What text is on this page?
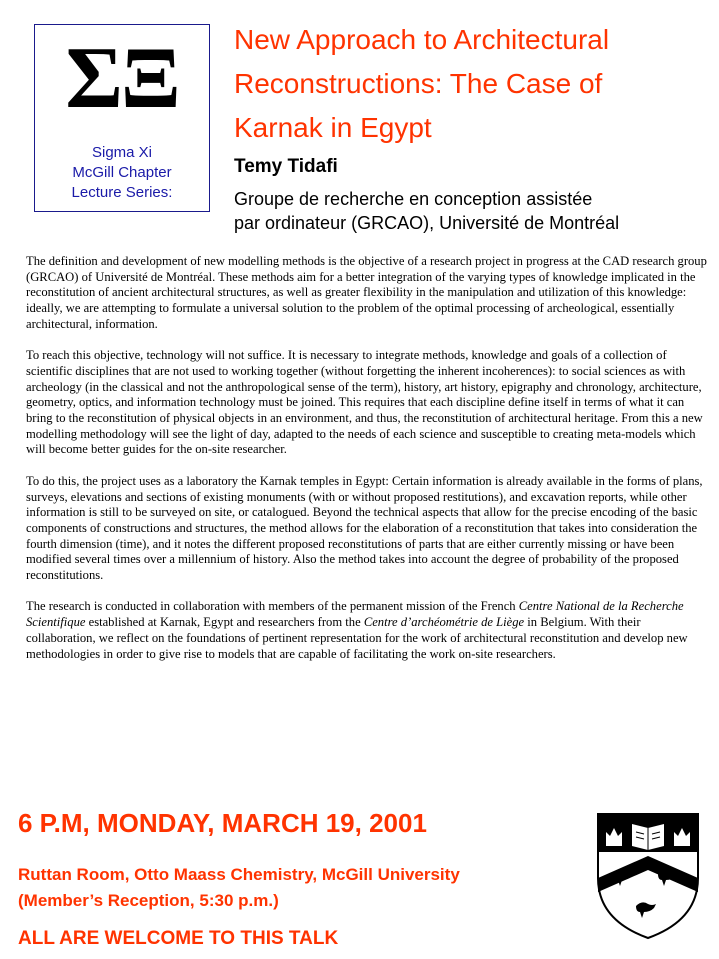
ΣΞ
Sigma Xi
McGill Chapter
Lecture Series:
New Approach to Architectural
Reconstructions: The Case of
Karnak in Egypt
Temy Tidafi
Groupe de recherche en conception assistée
par ordinateur (GRCAO), Université de Montréal

The definition and development of new modelling methods is the objective of a research project in progress at the CAD research group (GRCAO) of Université de Montréal. These methods aim for a better integration of the varying types of knowledge implicated in the reconstitution of ancient architectural structures, as well as greater flexibility in the manipulation and utilization of this knowledge: ideally, we are attempting to formulate a universal solution to the problem of the optimal processing of archeological, essentially architectural, information.

To reach this objective, technology will not suffice. It is necessary to integrate methods, knowledge and goals of a collection of scientific disciplines that are not used to working together (without forgetting the inherent incoherences): to social sciences as with archeology (in the classical and not the anthropological sense of the term), history, art history, epigraphy and chronology, architecture, geometry, optics, and information technology must be joined. This requires that each discipline define itself in terms of what it can bring to the reconstitution of physical objects in an environment, and thus, the reconstitution of architectural heritage. From this a new modelling methodology will see the light of day, adapted to the needs of each science and susceptible to creating meta-models which will become better guides for the on-site researcher.

To do this, the project uses as a laboratory the Karnak temples in Egypt: Certain information is already available in the forms of plans, surveys, elevations and sections of existing monuments (with or without proposed restitutions), and excavation reports, while other information is still to be surveyed on site, or catalogued. Beyond the technical aspects that allow for the precise encoding of the basic components of constructions and structures, the method allows for the elaboration of a reconstitution that takes into consideration the fourth dimension (time), and it notes the different proposed reconstitutions of parts that are either currently missing or have been modified several times over a millennium of history. Also the method takes into account the degree of probability of the proposed reconstitutions.

The research is conducted in collaboration with members of the permanent mission of the French Centre National de la Recherche Scientifique established at Karnak, Egypt and researchers from the Centre d’archéométrie de Liège in Belgium. With their collaboration, we reflect on the foundations of pertinent representation for the work of architectural reconstitution and develop new methodologies in order to give rise to models that are capable of facilitating the work on-site researchers.

6 P.M, MONDAY, MARCH 19, 2001
Ruttan Room, Otto Maass Chemistry, McGill University
(Member’s Reception, 5:30 p.m.)
ALL ARE WELCOME TO THIS TALK
